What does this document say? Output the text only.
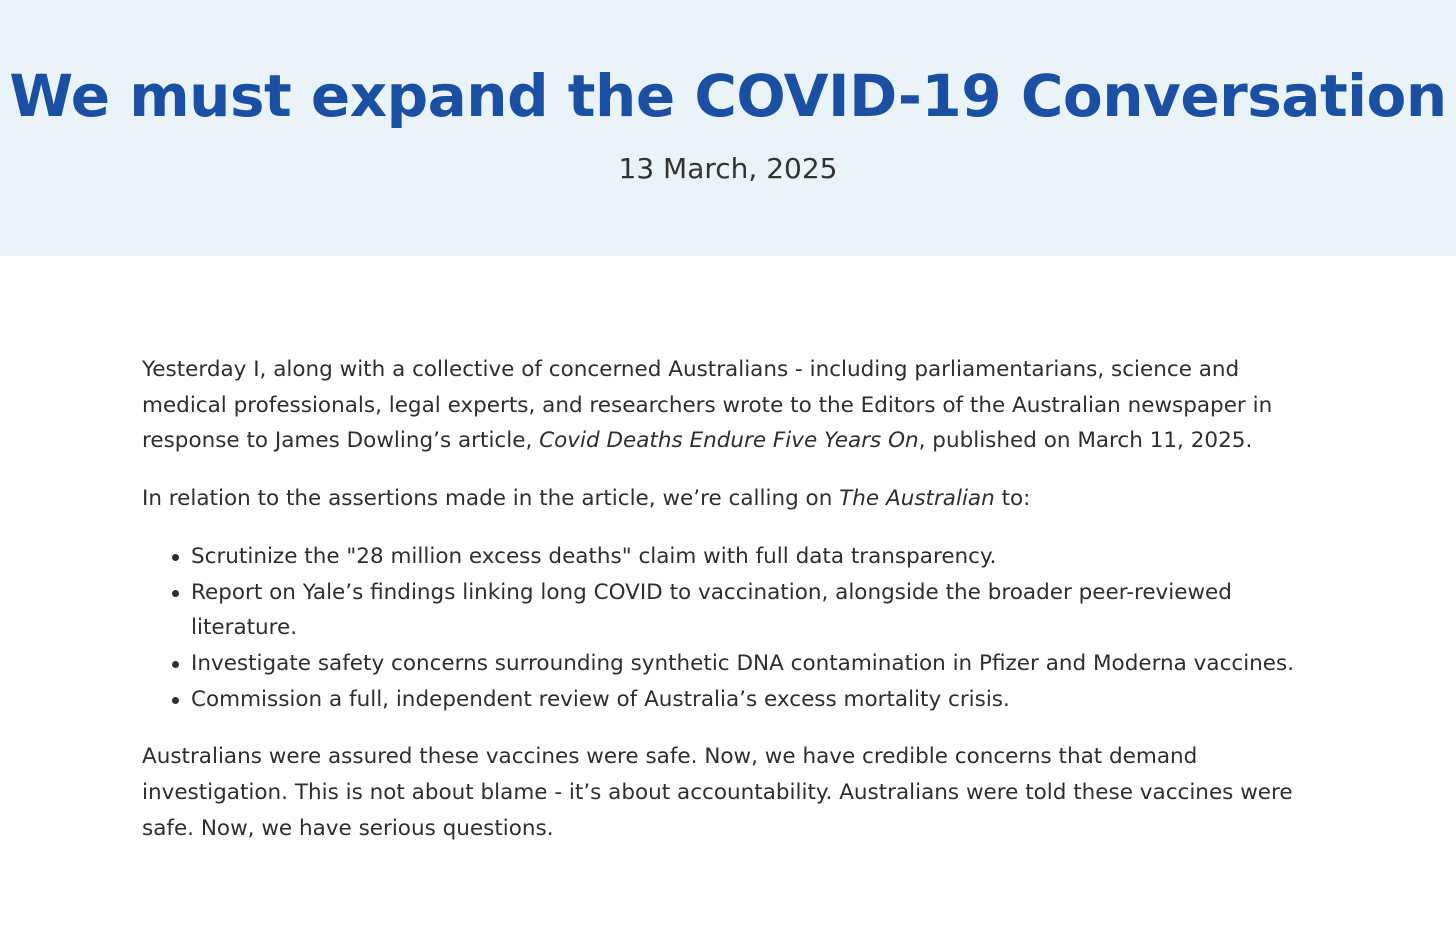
We must expand the COVID-19 Conversation
13 March, 2025

Yesterday I, along with a collective of concerned Australians - including parliamentarians, science and medical professionals, legal experts, and researchers wrote to the Editors of the Australian newspaper in response to James Dowling’s article, Covid Deaths Endure Five Years On, published on March 11, 2025.

In relation to the assertions made in the article, we’re calling on The Australian to:

Scrutinize the "28 million excess deaths" claim with full data transparency.
Report on Yale’s findings linking long COVID to vaccination, alongside the broader peer-reviewed literature.
Investigate safety concerns surrounding synthetic DNA contamination in Pfizer and Moderna vaccines.
Commission a full, independent review of Australia’s excess mortality crisis.

Australians were assured these vaccines were safe. Now, we have credible concerns that demand investigation. This is not about blame - it’s about accountability. Australians were told these vaccines were safe. Now, we have serious questions.
